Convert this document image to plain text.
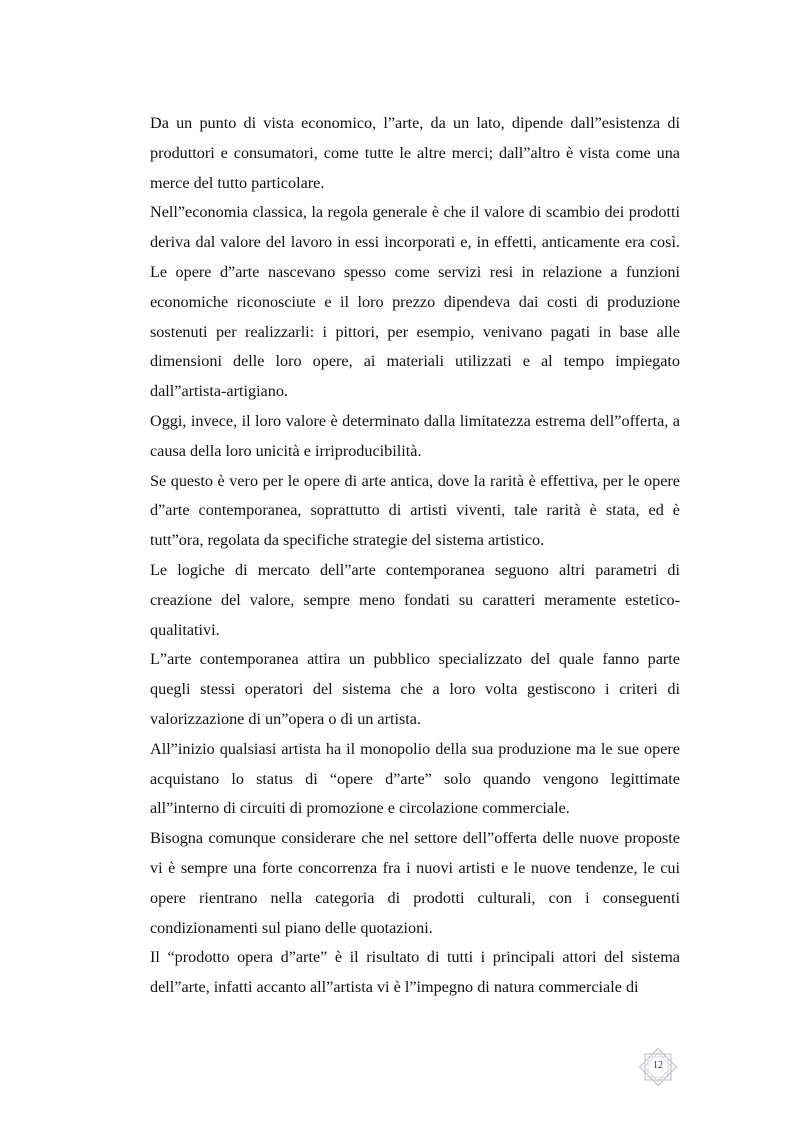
Da un punto di vista economico, l”arte, da un lato, dipende dall”esistenza di produttori e consumatori, come tutte le altre merci; dall”altro è vista come una merce del tutto particolare.

Nell”economia classica, la regola generale è che il valore di scambio dei prodotti deriva dal valore del lavoro in essi incorporati e, in effetti, anticamente era così. Le opere d”arte nascevano spesso come servizi resi in relazione a funzioni economiche riconosciute e il loro prezzo dipendeva dai costi di produzione sostenuti per realizzarli: i pittori, per esempio, venivano pagati in base alle dimensioni delle loro opere, ai materiali utilizzati e al tempo impiegato dall”artista-artigiano.

Oggi, invece, il loro valore è determinato dalla limitatezza estrema dell”offerta, a causa della loro unicità e irriproducibilità.

Se questo è vero per le opere di arte antica, dove la rarità è effettiva, per le opere d”arte contemporanea, soprattutto di artisti viventi, tale rarità è stata, ed è tutt”ora, regolata da specifiche strategie del sistema artistico.

Le logiche di mercato dell”arte contemporanea seguono altri parametri di creazione del valore, sempre meno fondati su caratteri meramente estetico-qualitativi.

L”arte contemporanea attira un pubblico specializzato del quale fanno parte quegli stessi operatori del sistema che a loro volta gestiscono i criteri di valorizzazione di un”opera o di un artista.

All”inizio qualsiasi artista ha il monopolio della sua produzione ma le sue opere acquistano lo status di “opere d”arte” solo quando vengono legittimate all”interno di circuiti di promozione e circolazione commerciale.

Bisogna comunque considerare che nel settore dell”offerta delle nuove proposte vi è sempre una forte concorrenza fra i nuovi artisti e le nuove tendenze, le cui opere rientrano nella categoria di prodotti culturali, con i conseguenti condizionamenti sul piano delle quotazioni.

Il “prodotto opera d”arte” è il risultato di tutti i principali attori del sistema dell”arte, infatti accanto all”artista vi è l”impegno di natura commerciale di

12
